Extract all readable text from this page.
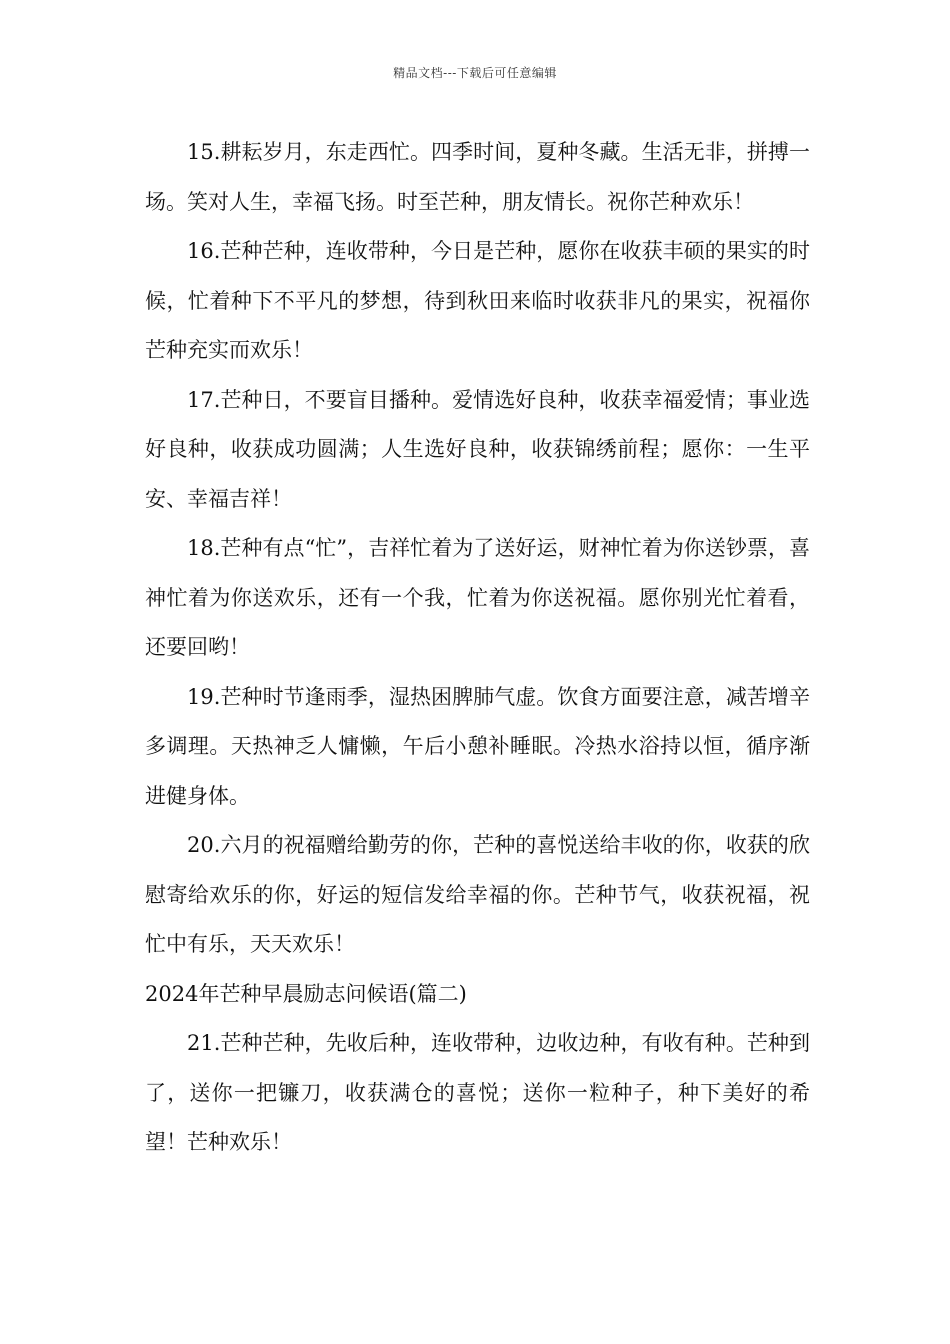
精品文档---下载后可任意编辑

15.耕耘岁月，东走西忙。四季时间，夏种冬藏。生活无非，拼搏一场。笑对人生，幸福飞扬。时至芒种，朋友情长。祝你芒种欢乐！

16.芒种芒种，连收带种，今日是芒种，愿你在收获丰硕的果实的时候，忙着种下不平凡的梦想，待到秋田来临时收获非凡的果实，祝福你芒种充实而欢乐！

17.芒种日，不要盲目播种。爱情选好良种，收获幸福爱情；事业选好良种，收获成功圆满；人生选好良种，收获锦绣前程；愿你：一生平安、幸福吉祥！

18.芒种有点“忙”，吉祥忙着为了送好运，财神忙着为你送钞票，喜神忙着为你送欢乐，还有一个我，忙着为你送祝福。愿你别光忙着看，还要回哟！

19.芒种时节逢雨季，湿热困脾肺气虚。饮食方面要注意，减苦增辛多调理。天热神乏人慵懒，午后小憩补睡眠。冷热水浴持以恒，循序渐进健身体。

20.六月的祝福赠给勤劳的你，芒种的喜悦送给丰收的你，收获的欣慰寄给欢乐的你，好运的短信发给幸福的你。芒种节气，收获祝福，祝忙中有乐，天天欢乐！

2024年芒种早晨励志问候语(篇二)

21.芒种芒种，先收后种，连收带种，边收边种，有收有种。芒种到了，送你一把镰刀，收获满仓的喜悦；送你一粒种子，种下美好的希望！芒种欢乐！
